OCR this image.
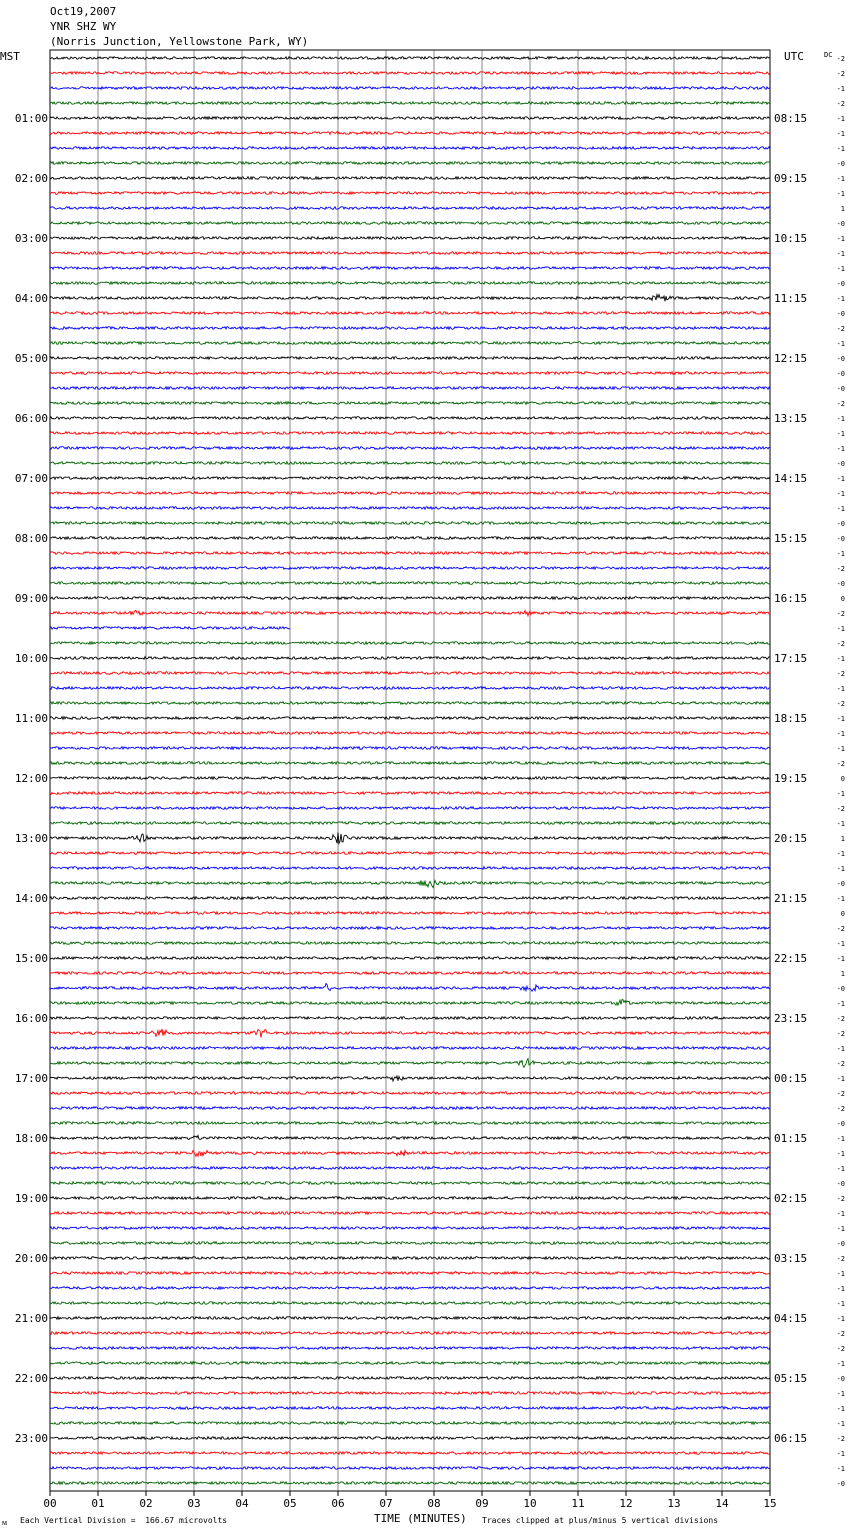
Oct19,2007
YNR SHZ WY
(Norris Junction, Yellowstone Park, WY)
MST	UTC
01:00
02:00
03:00
04:00
05:00
06:00
07:00
08:00
09:00
10:00
11:00
12:00
13:00
14:00
15:00
16:00
17:00
18:00
19:00
20:00
21:00
22:00
23:00
08:15
09:15
10:15
11:15
12:15
13:15
14:15
15:15
16:15
17:15
18:15
19:15
20:15
21:15
22:15
23:15
00:15
01:15
02:15
03:15
04:15
05:15
06:15
DC -2
-2
-1
-2
-1
-1
-1
-0
-1
-1
1
-0
-1
-1
-1
-0
-1
-0
-2
-1
-0
-0
-0
-2
-1
-1
-1
-0
-1
-1
-1
-0
-0
-1
-2
-0
0
-2
-1
-2
-1
-2
-1
-2
-1
-1
-1
-2
0
-1
-2
-1
1
-1
-1
-0
-1
0
-2
-1
-1
1
-0
-1
-2
-2
-1
-2
-1
-2
-2
-0
-1
-1
-1
-0
-2
-1
-1
-0
-2
-1
-1
-1
-1
-2
-2
-1
-0
-1
-1
-1
-2
-1
-1
-0
00	01	02	03	04	05	06	07	08	09	10	11	12	13	14	15
ᴍ Each Vertical Division =  166.67 microvolts	TIME (MINUTES) Traces clipped at plus/minus 5 vertical divisions
